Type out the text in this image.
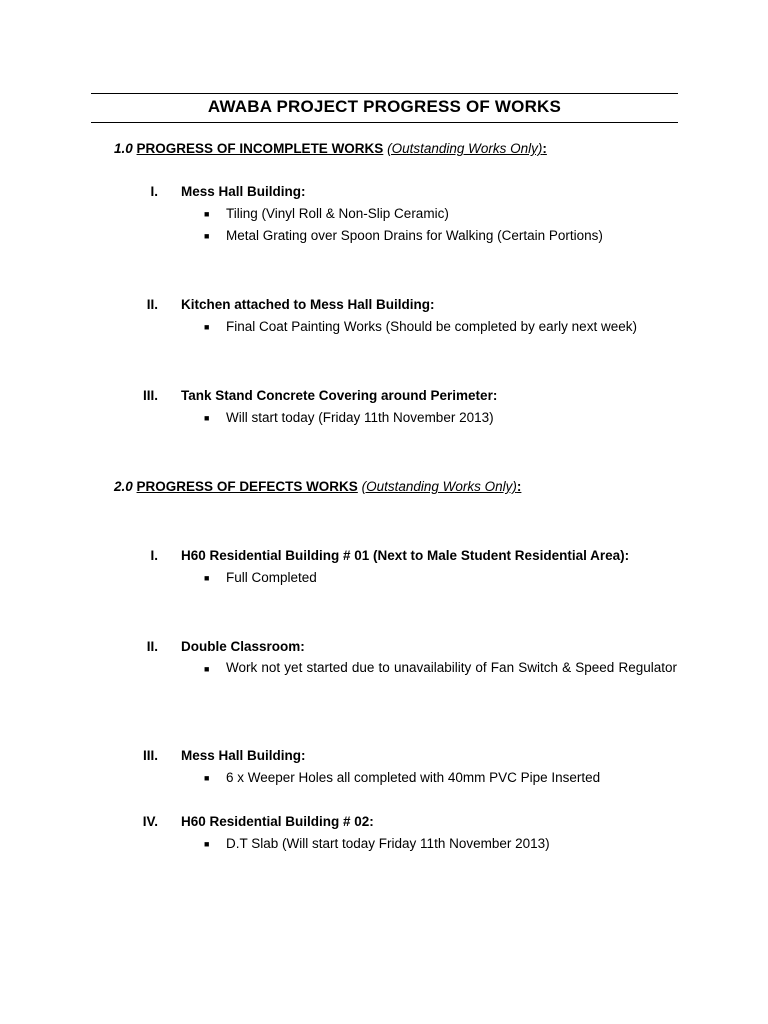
AWABA PROJECT PROGRESS OF WORKS
1.0 PROGRESS OF INCOMPLETE WORKS (Outstanding Works Only):
I. Mess Hall Building:
■ Tiling (Vinyl Roll & Non-Slip Ceramic)
■ Metal Grating over Spoon Drains for Walking (Certain Portions)
II. Kitchen attached to Mess Hall Building:
■ Final Coat Painting Works (Should be completed by early next week)
III. Tank Stand Concrete Covering around Perimeter:
■ Will start today (Friday 11th November 2013)
2.0 PROGRESS OF DEFECTS WORKS (Outstanding Works Only):
I. H60 Residential Building # 01 (Next to Male Student Residential Area):
■ Full Completed
II. Double Classroom:
■ Work not yet started due to unavailability of Fan Switch & Speed Regulator
III. Mess Hall Building:
■ 6 x Weeper Holes all completed with 40mm PVC Pipe Inserted
IV. H60 Residential Building # 02:
■ D.T Slab (Will start today Friday 11th November 2013)
